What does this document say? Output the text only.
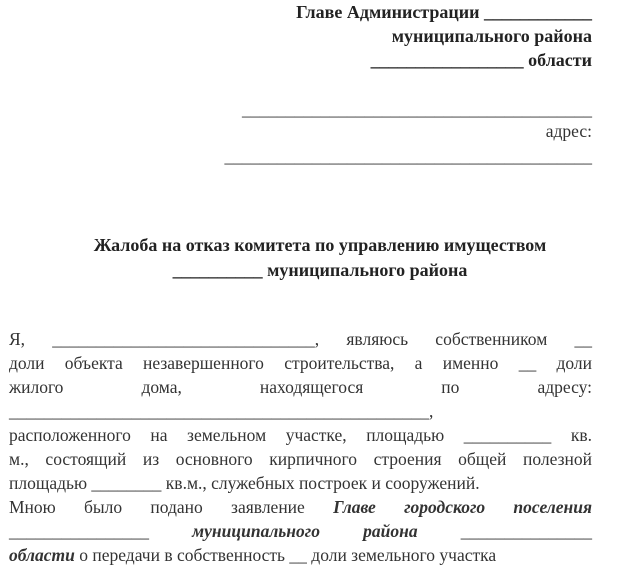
Главе Администрации ____________
муниципального района
_________________ области
________________________________________
адрес:
__________________________________________
Жалоба на отказ комитета по управлению имуществом
__________ муниципального района
Я, ______________________________, являюсь собственником __
доли объекта незавершенного строительства, а именно __ доли
жилого дома, находящегося по адресу:
________________________________________________,
расположенного на земельном участке, площадью __________ кв.
м., состоящий из основного кирпичного строения общей полезной
площадью ________ кв.м., служебных построек и сооружений.
Мною было подано заявление Главе городского поселения
________________ муниципального района _______________
области о передачи в собственность __ доли земельного участка
